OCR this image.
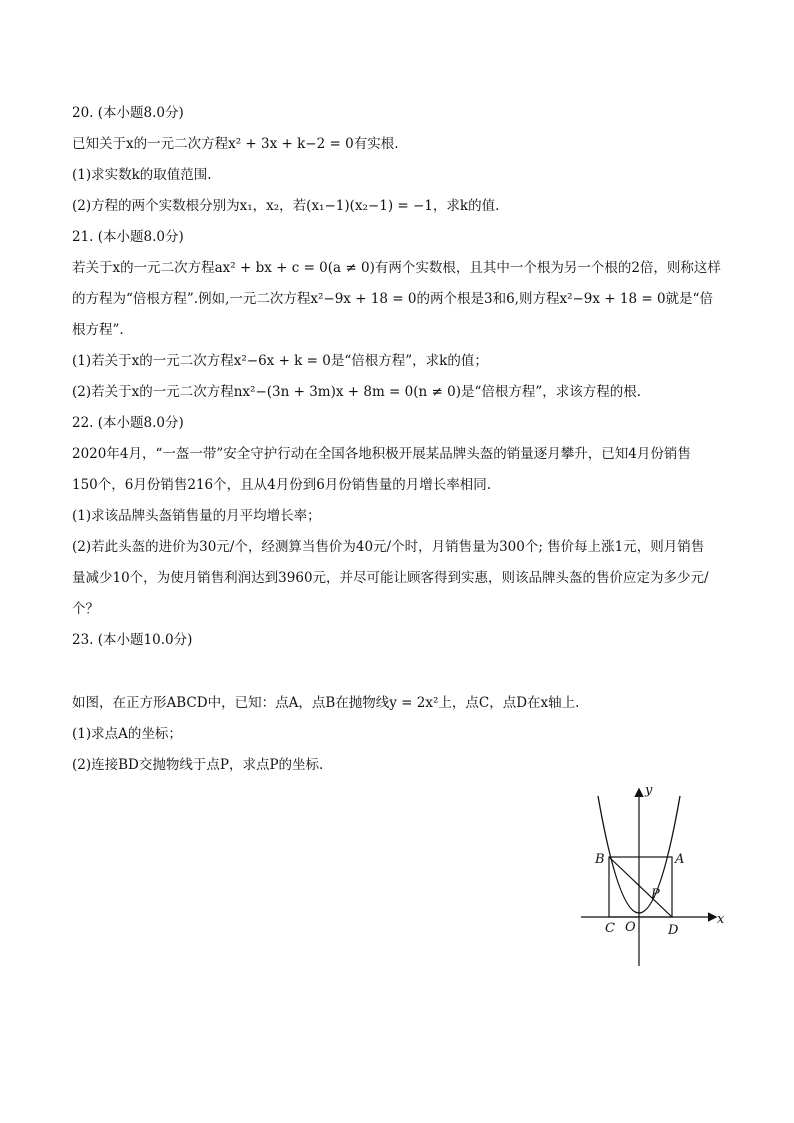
20. (本小题8.0分)
已知关于x的一元二次方程x² + 3x + k−2 = 0有实根.
(1)求实数k的取值范围.
(2)方程的两个实数根分别为x₁，x₂，若(x₁−1)(x₂−1) = −1，求k的值.
21. (本小题8.0分)
若关于x的一元二次方程ax² + bx + c = 0(a ≠ 0)有两个实数根，且其中一个根为另一个根的2倍，则称这样
的方程为“倍根方程”.例如,一元二次方程x²−9x + 18 = 0的两个根是3和6,则方程x²−9x + 18 = 0就是“倍
根方程”.
(1)若关于x的一元二次方程x²−6x + k = 0是“倍根方程”，求k的值；
(2)若关于x的一元二次方程nx²−(3n + 3m)x + 8m = 0(n ≠ 0)是“倍根方程”，求该方程的根.
22. (本小题8.0分)
2020年4月，“一盔一带”安全守护行动在全国各地积极开展某品牌头盔的销量逐月攀升，已知4月份销售
150个，6月份销售216个，且从4月份到6月份销售量的月增长率相同.
(1)求该品牌头盔销售量的月平均增长率；
(2)若此头盔的进价为30元/个，经测算当售价为40元/个时，月销售量为300个; 售价每上涨1元，则月销售
量减少10个，为使月销售利润达到3960元，并尽可能让顾客得到实惠，则该品牌头盔的售价应定为多少元/
个？
23. (本小题10.0分)
如图，在正方形ABCD中，已知：点A，点B在抛物线y = 2x²上，点C，点D在x轴上.
(1)求点A的坐标；
(2)连接BD交抛物线于点P，求点P的坐标.
y
x
A
B
C	D
O
P
